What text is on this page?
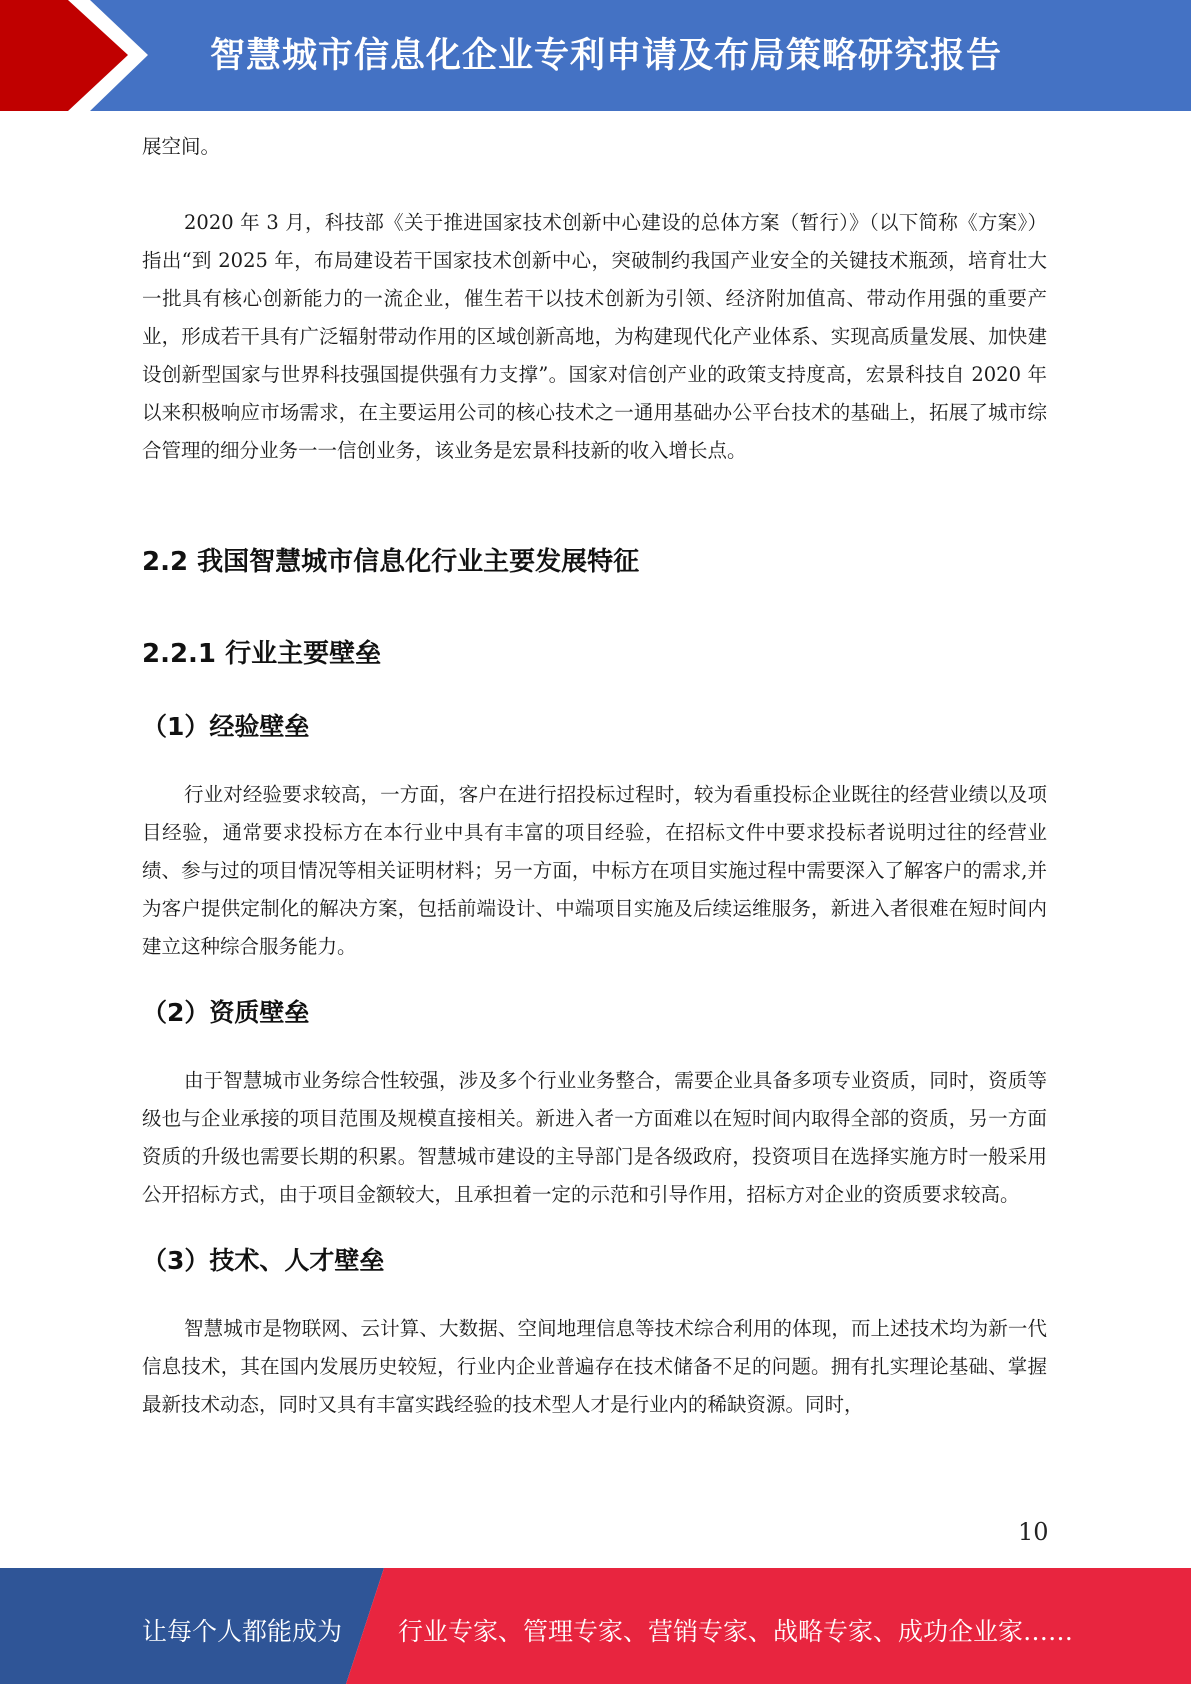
智慧城市信息化企业专利申请及布局策略研究报告

展空间。

2020 年 3 月，科技部《关于推进国家技术创新中心建设的总体方案（暂行）》（以下简称《方案》）指出“到 2025 年，布局建设若干国家技术创新中心，突破制约我国产业安全的关键技术瓶颈，培育壮大一批具有核心创新能力的一流企业，催生若干以技术创新为引领、经济附加值高、带动作用强的重要产业，形成若干具有广泛辐射带动作用的区域创新高地，为构建现代化产业体系、实现高质量发展、加快建设创新型国家与世界科技强国提供强有力支撑”。国家对信创产业的政策支持度高，宏景科技自 2020 年以来积极响应市场需求，在主要运用公司的核心技术之一通用基础办公平台技术的基础上，拓展了城市综合管理的细分业务一一信创业务，该业务是宏景科技新的收入增长点。

2.2 我国智慧城市信息化行业主要发展特征
2.2.1 行业主要壁垒
（1）经验壁垒

行业对经验要求较高，一方面，客户在进行招投标过程时，较为看重投标企业既往的经营业绩以及项目经验，通常要求投标方在本行业中具有丰富的项目经验，在招标文件中要求投标者说明过往的经营业绩、参与过的项目情况等相关证明材料；另一方面，中标方在项目实施过程中需要深入了解客户的需求,并为客户提供定制化的解决方案，包括前端设计、中端项目实施及后续运维服务，新进入者很难在短时间内建立这种综合服务能力。

（2）资质壁垒

由于智慧城市业务综合性较强，涉及多个行业业务整合，需要企业具备多项专业资质，同时，资质等级也与企业承接的项目范围及规模直接相关。新进入者一方面难以在短时间内取得全部的资质，另一方面资质的升级也需要长期的积累。智慧城市建设的主导部门是各级政府，投资项目在选择实施方时一般采用公开招标方式，由于项目金额较大，且承担着一定的示范和引导作用，招标方对企业的资质要求较高。

（3）技术、人才壁垒

智慧城市是物联网、云计算、大数据、空间地理信息等技术综合利用的体现，而上述技术均为新一代信息技术，其在国内发展历史较短，行业内企业普遍存在技术储备不足的问题。拥有扎实理论基础、掌握最新技术动态，同时又具有丰富实践经验的技术型人才是行业内的稀缺资源。同时，

10
让每个人都能成为 行业专家、管理专家、营销专家、战略专家、成功企业家……
